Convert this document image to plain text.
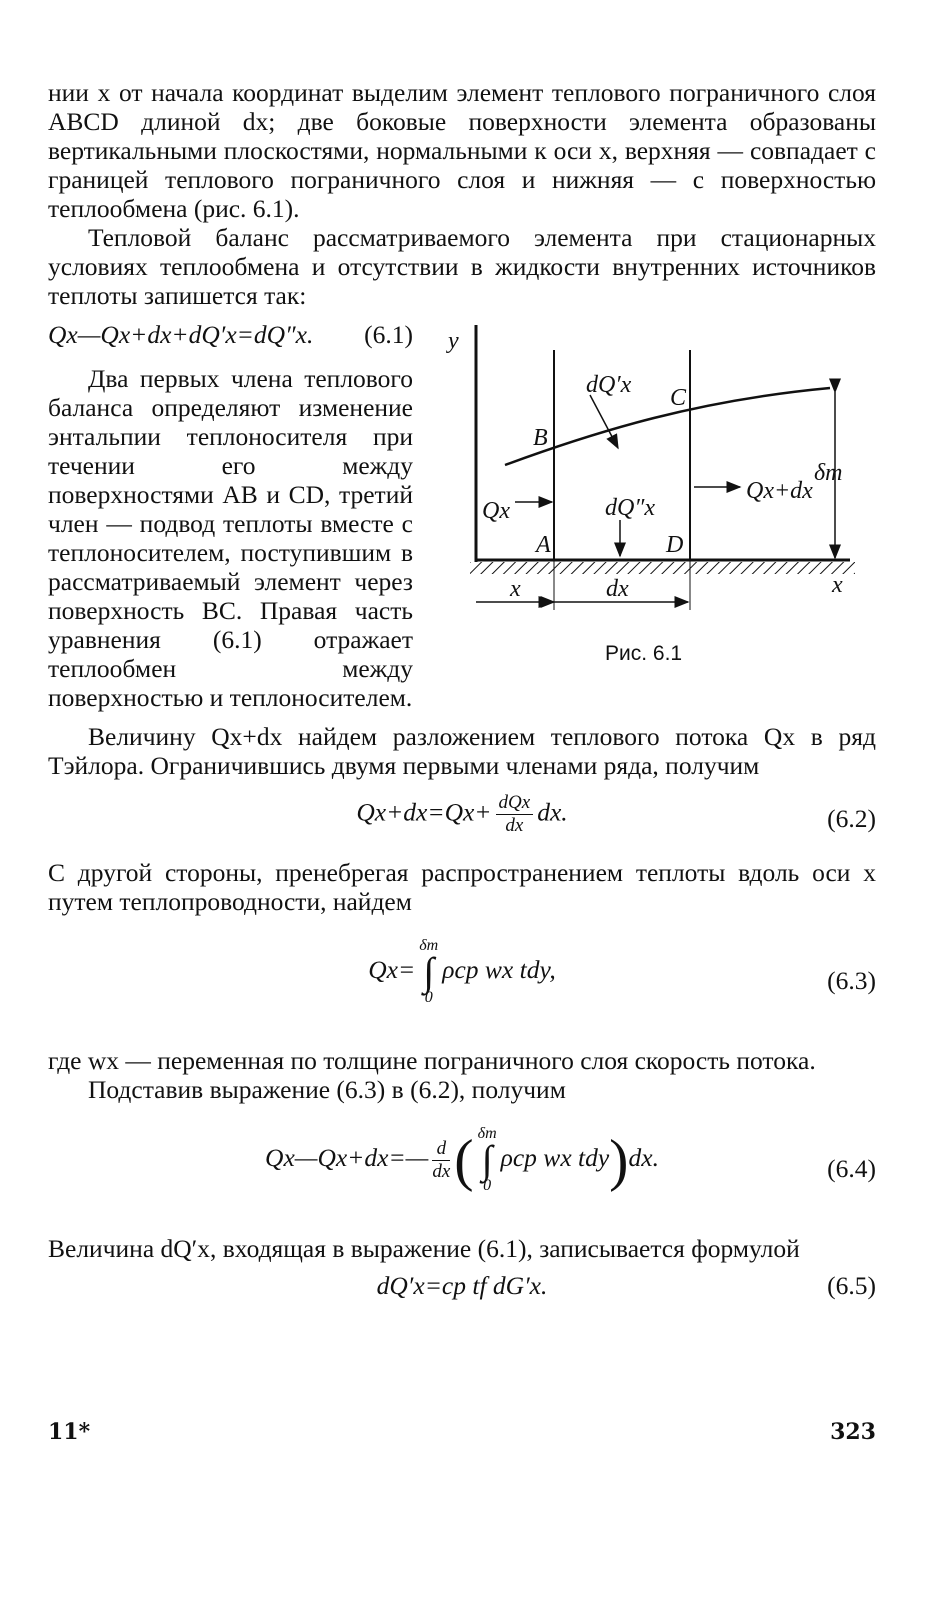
нии x от начала координат выделим элемент теплового пограничного слоя ABCD длиной dx; две боковые поверхности элемента образованы вертикальными плоскостями, нормальными к оси x, верхняя — совпадает с границей теплового пограничного слоя и нижняя — с поверхностью теплообмена (рис. 6.1).

Тепловой баланс рассматриваемого элемента при стационарных условиях теплообмена и отсутствии в жидкости внутренних источников теплоты запишется так:

Qx—Qx+dx+dQ′x=dQ″x. (6.1)

Два первых члена теплового баланса определяют изменение энтальпии теплоносителя при течении его между поверхностями AB и CD, третий член — подвод теплоты вместе с теплоносителем, поступившим в рассматриваемый элемент через поверхность BC. Правая часть уравнения (6.1) отражает теплообмен между поверхностью и теплоносителем.

y
B
C
A	D
dQ′x
dQ″x
Qx
Qx+dx
δт
x
x	dx
Рис. 6.1

Величину Qx+dx найдем разложением теплового потока Qx в ряд Тэйлора. Ограничившись двумя первыми членами ряда, получим

$Qx+dx=Qx+ \frac{\text{dQx}}{dx}$ dx.	(6.2)

С другой стороны, пренебрегая распространением теплоты вдоль оси x путем теплопроводности, найдем

Qx=δт
∫
0ρcp wx tdy,	(6.3)

где wx — переменная по толщине пограничного слоя скорость потока.

Подставив выражение (6.3) в (6.2), получим

Qx—Qx+dx=— $\frac{d}{dx}$ ( δт
∫
0ρcp wx tdy)dx.	(6.4)

Величина dQ′x, входящая в выражение (6.1), записывается формулой

dQ′x=cp tf dG′x.	(6.5)
11*	323
